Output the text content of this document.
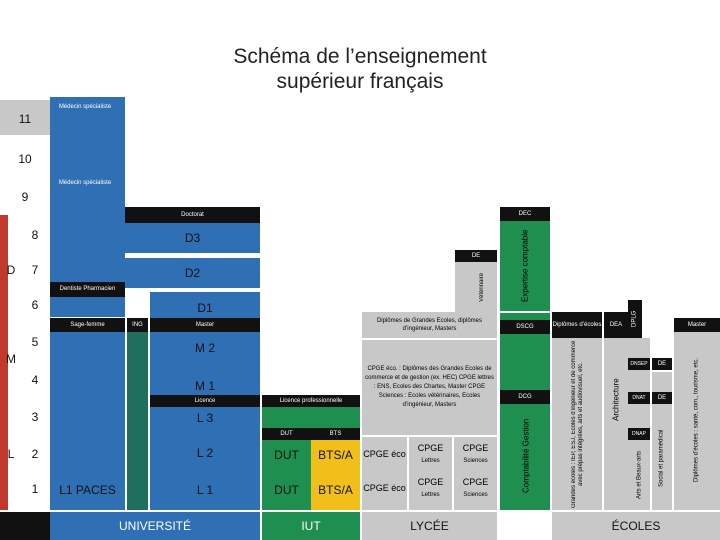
Schéma de l’enseignement
supérieur français
11
10
9
8
7
6
5
4
3
2
1
D
M
L
Médecin spécialiste
Médecin spécialiste
Doctorat
D3
D2
D1
Dentiste Pharmacien
Sage-femme
L1 PACES
ING	Master
M 2
M 1
Licence
L 3
L 2
L 1
Licence professionnelle
DUT	BTS
DUT
DUT
BTS/A
BTS/A
Diplômes de Grandes Ecoles, diplômes d’ingénieur, Masters
CPGE éco. : Diplômes des Grandes Ecoles de commerce et de gestion (ex. HEC) CPGE lettres : ENS, Ecoles des Chartes, Master CPGE Sciences : Ecoles vétérinaires, Ecoles d’ingénieur, Masters
CPGE éco
CPGE éco
CPGE
Lettres
CPGE
Lettres
CPGE
Sciences
CPGE
Sciences
DE
Vétérinaire
DEC
Expertise comptable
DSCG
DCG
Comptabilité Gestion
Diplômes d’écoles
Grandes écoles : IEP, ESJ, Ecoles d’ingénieur et de commerce avec prépas intégrées, arts et audiovisuel, etc.
DEA	DPLG
Architecture
DNSEP
DNAT
DNAP
Arts et Beaux-arts
DE
DE
Social et paramédical
Master
Diplômes d’écoles : santé, com., tourisme, etc.
UNIVERSITÉ	IUT	LYCÉE	ÉCOLES
